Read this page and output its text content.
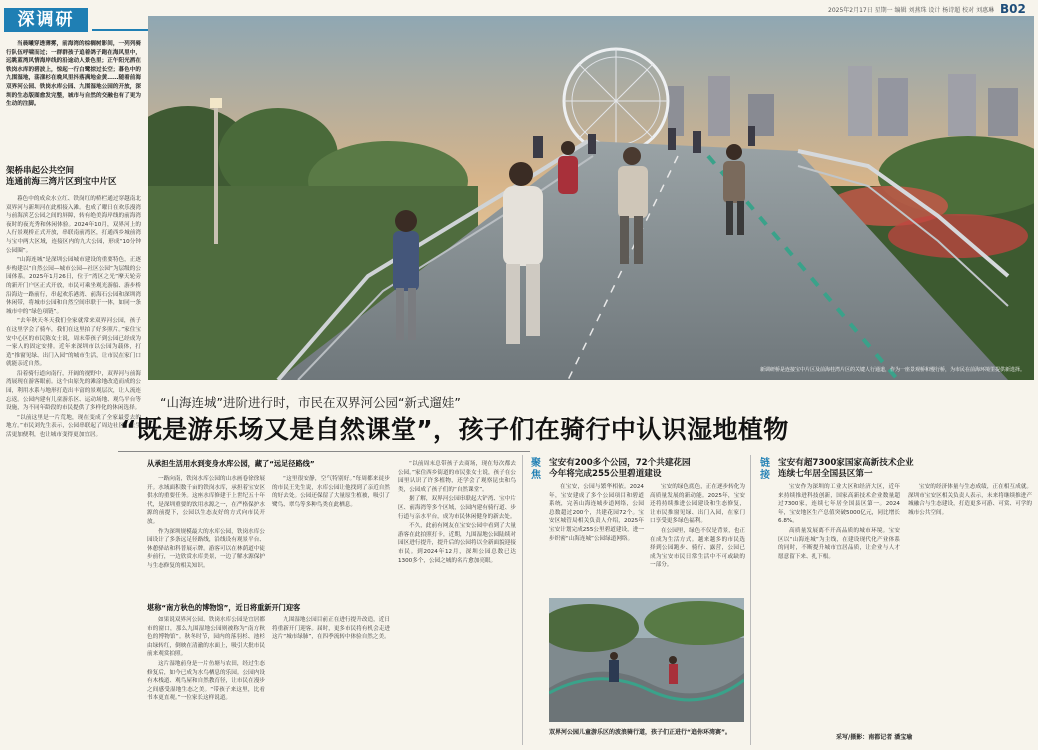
深调研	2025年2月17日 星期一 编辑 刘燕珠 设计 杨诗超 校对 刘惠琳 B02

当晨曦穿透薄雾，前海湾的棕榈树影间，一列列骑行队伍呼啸而过；一群群孩子追着鸽子跑在海风里中，远眺蓝湾风情海岸线的沿途动人景色里；正午阳光洒在铁岗水库的碧波上，惊起一行白鹭掠过长空；暮色中的九围湿地，荡漾杉在晚风里抖落满地金黄……随着前海双界河公园、铁岗水库公园、九围湿地公园的开放，深圳的生态版图愈发完整，城市与自然的交融也有了更为生动的注脚。

架桥串起公共空间
连通前海三湾片区到宝中片区

暮色中的成众水立红、铁岗红的桥栏通过穿越南北双界河与新圳河在此相接入滩。也成了曜日在欢乐漫湾与前海滨艺公园之间的屏障，转有绝美海岸线的前海湾夜时的夜光秀和休闲体验。2024年10月，双界河上的人行景观桥正式开放，串联南前湾区，打通西乡城前湾与宝中两大区域，连接区内的九大公园，形成“10分钟公园圈”。

“山海连城”是深圳公园城市建设的重要特色，正逐步构建以“自然公园—城市公园—社区公园”为层级的公园体系。2025年1月26日，位于“湾区之光”摩天轮旁的新开门户区正式开放，市民可乘坐观光游船、游步桥沿海边一路前行，串起欢乐港湾、前海石公园和深圳湾休闲带，将城市公园和自然空间串联于一体，如同一条城市中的“绿色项链”。

“去年秋天冬天我们全家就常来双界河公园，孩子在这里学会了骑车，我们在这里拍了好多照片。”家住宝安中心区的市民陈女士说，周末带孩子到公园已经成为一家人的固定安排。近年来深圳市以公园为载体，打造“推窗见绿、出门入园”的城市生活，让市民在家门口就能亲近自然。

沿着骑行道向南行，开阔的视野中，双界河与前海湾展现在游客眼前。这个由原先的滩涂地改造而成的公园，利用水系与地形打造出丰富的景观层次，让人流连忘返。公园内建有儿童游乐区、运动场地、观鸟平台等设施，为不同年龄段的市民提供了多样化的休闲选择。

“以前这里是一片荒地，现在变成了全家最爱去的地方。”市民刘先生表示，公园串联起了周边社区，让生活更加便利，也让城市变得更加宜居。

新调研桥是连接宝中片区及前海桂湾片区的关键人行通道，作为一座景观桥和慢行桥，为市民在前海环境里提供新选择。
“山海连城”进阶进行时，市民在双界河公园“新式遛娃”
“既是游乐场又是自然课堂”，孩子们在骑行中认识湿地植物
从承担生活用水到变身水库公园，藏了“远足径路线”

一路向南，铁岗水库公园的山水画卷徐徐展开。水域面积数千亩的铁岗水库，承担着宝安区供水的重要任务。这座水库修建于上世纪五十年代，是深圳重要的饮用水源之一，在严格保护水源的前提下，公园以生态友好的方式向市民开放。

作为深圳规模最大的水库公园，铁岗水库公园设计了多条远足径路线，沿线设有观景平台、休憩驿站和科普展示牌。游客可以在林荫道中徒步前行，一边欣赏水库美景，一边了解水源保护与生态修复的相关知识。

“这里很安静，空气特别好。”每周都来徒步的市民王先生说，水库公园让他找到了亲近自然的好去处。公园还保留了大量原生植被，吸引了鹭鸟、翠鸟等多种鸟类在此栖息。

堪称“南方秋色的博物馆”，近日将重新开门迎客

如果说双界河公园、铁岗水库公园是宜居都市的窗口，那么九围湿地公园则被称为“南方秋色的博物馆”。秋冬时节，园内的落羽杉、池杉由绿转红，倒映在清澈的水面上，吸引大批市民前来观赏拍照。

这片湿地前身是一片鱼塘与农田，经过生态修复后，如今已成为水鸟栖息的乐园。公园内设有木栈道、观鸟屋和自然教育径，让市民在漫步之间感受湿地生态之美。“带孩子来这里，比看书本更直观。”一位家长这样说道。

九围湿地公园目前正在进行提升改造，近日将重新开门迎客。届时，更多市民将有机会走进这片“城市绿肺”，在四季流转中体验自然之美。

“以前周末总带孩子去商场，现在每次都去公园。”家住西乡街道的市民张女士说，孩子在公园里认识了许多植物，还学会了观察昆虫和鸟类，公园成了孩子们的“自然课堂”。

据了解，双界河公园串联起大铲湾、宝中片区、前海湾等多个区域，公园内建有骑行道、步行道与亲水平台，成为市民休闲健身的新去处。

不久，此前有网友在宝安公园中看到了大量游客在此拍照打卡，近期，九围湿地公园陆续对园区进行提升，提升后的公园将以全新面貌迎接市民。到2024年12月，深圳公园总数已达1300多个，公园之城的名片愈加亮眼。

聚焦
宝安有200多个公园，72个共建花园
今年将完成255公里碧道建设

在宝安，公园与繁华相依。2024年，宝安建成了多个公园项目和碧道系统，完善山海连城步道网络，公园总数超过200个，共建花园72个。宝安区城管局相关负责人介绍，2025年宝安计划完成255公里碧道建设，进一步织密“山海连城”公园绿道网络。

宝安的绿色底色，正在逐步转化为高质量发展的新动能。2025年，宝安还将持续推进公园建设和生态修复，让市民推窗见绿、出门入园，在家门口享受更多绿色福利。

在公园里，绿色不仅是背景，也正在成为生活方式。越来越多的市民选择到公园跑步、骑行、露营，公园已成为宝安市民日常生活中不可或缺的一部分。

双界河公园儿童游乐区的波浪骑行道，孩子们正进行“追你环湾赛”。
链接
宝安有超7300家国家高新技术企业
连续七年居全国县区第一

宝安作为深圳的工业大区和经济大区，近年来持续推进科技创新，国家高新技术企业数量超过7300家，连续七年居全国县区第一。2024年，宝安地区生产总值突破5000亿元，同比增长6.8%。

高质量发展离不开高品质的城市环境。宝安区以“山海连城”为主线，在建设现代化产业体系的同时，不断提升城市宜居品质，让企业与人才愿意留下来、扎下根。

宝安的经济体量与生态成绩，正在相互成就。深圳市宝安区相关负责人表示，未来将继续推进产城融合与生态建设，打造更多可游、可赏、可学的城市公共空间。

采写/摄影：南都记者 潘宝瑜
